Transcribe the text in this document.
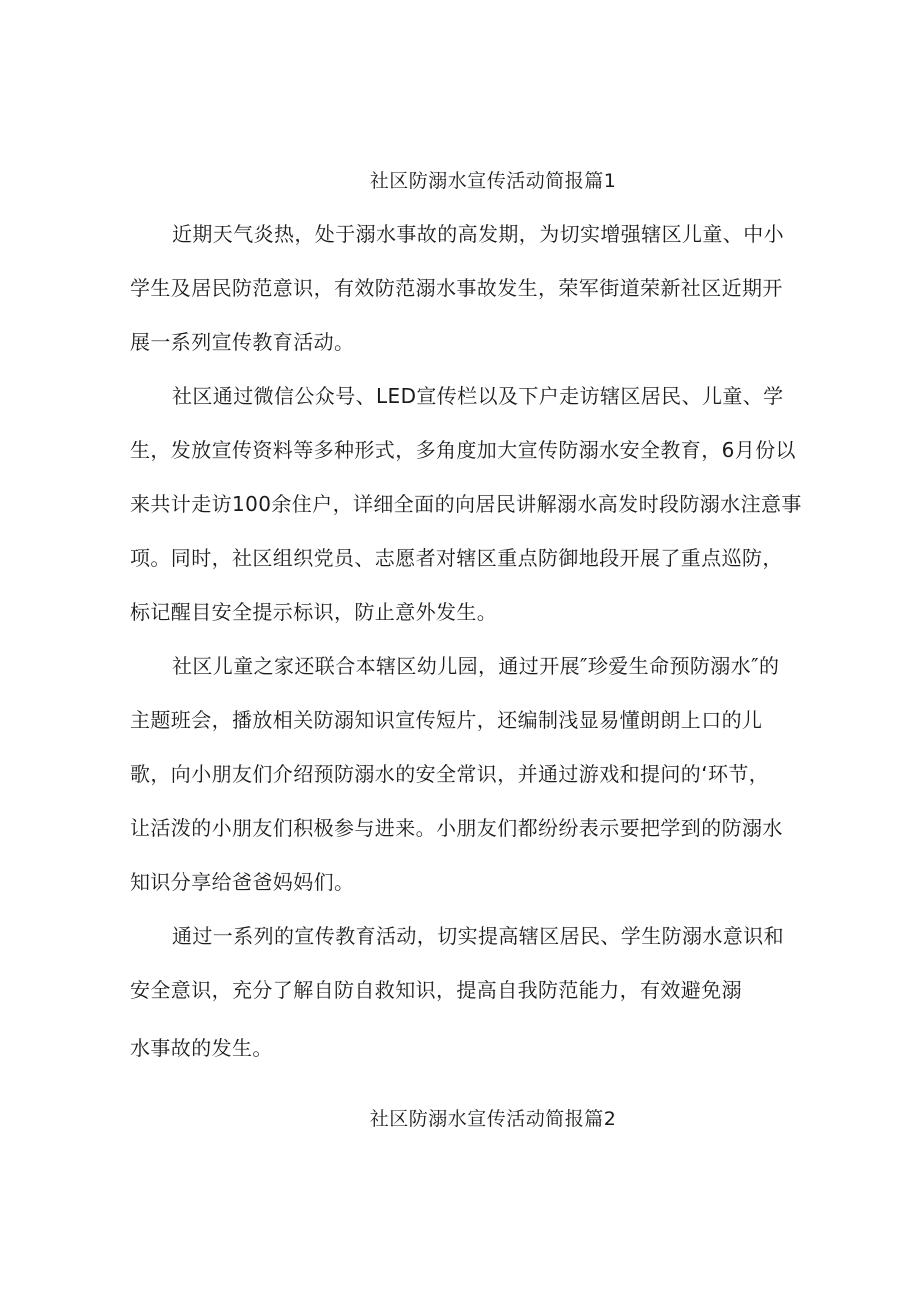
社区防溺水宣传活动简报篇1
近期天气炎热，处于溺水事故的高发期，为切实增强辖区儿童、中小
学生及居民防范意识，有效防范溺水事故发生，荣军街道荣新社区近期开
展一系列宣传教育活动。
社区通过微信公众号、LED宣传栏以及下户走访辖区居民、儿童、学
生，发放宣传资料等多种形式，多角度加大宣传防溺水安全教育，6月份以
来共计走访100余住户，详细全面的向居民讲解溺水高发时段防溺水注意事
项。同时，社区组织党员、志愿者对辖区重点防御地段开展了重点巡防，
标记醒目安全提示标识，防止意外发生。
社区儿童之家还联合本辖区幼儿园，通过开展″珍爱生命预防溺水″的
主题班会，播放相关防溺知识宣传短片，还编制浅显易懂朗朗上口的儿
歌，向小朋友们介绍预防溺水的安全常识，并通过游戏和提问的‘环节，
让活泼的小朋友们积极参与进来。小朋友们都纷纷表示要把学到的防溺水
知识分享给爸爸妈妈们。
通过一系列的宣传教育活动，切实提高辖区居民、学生防溺水意识和
安全意识，充分了解自防自救知识，提高自我防范能力，有效避免溺
水事故的发生。
社区防溺水宣传活动简报篇2
